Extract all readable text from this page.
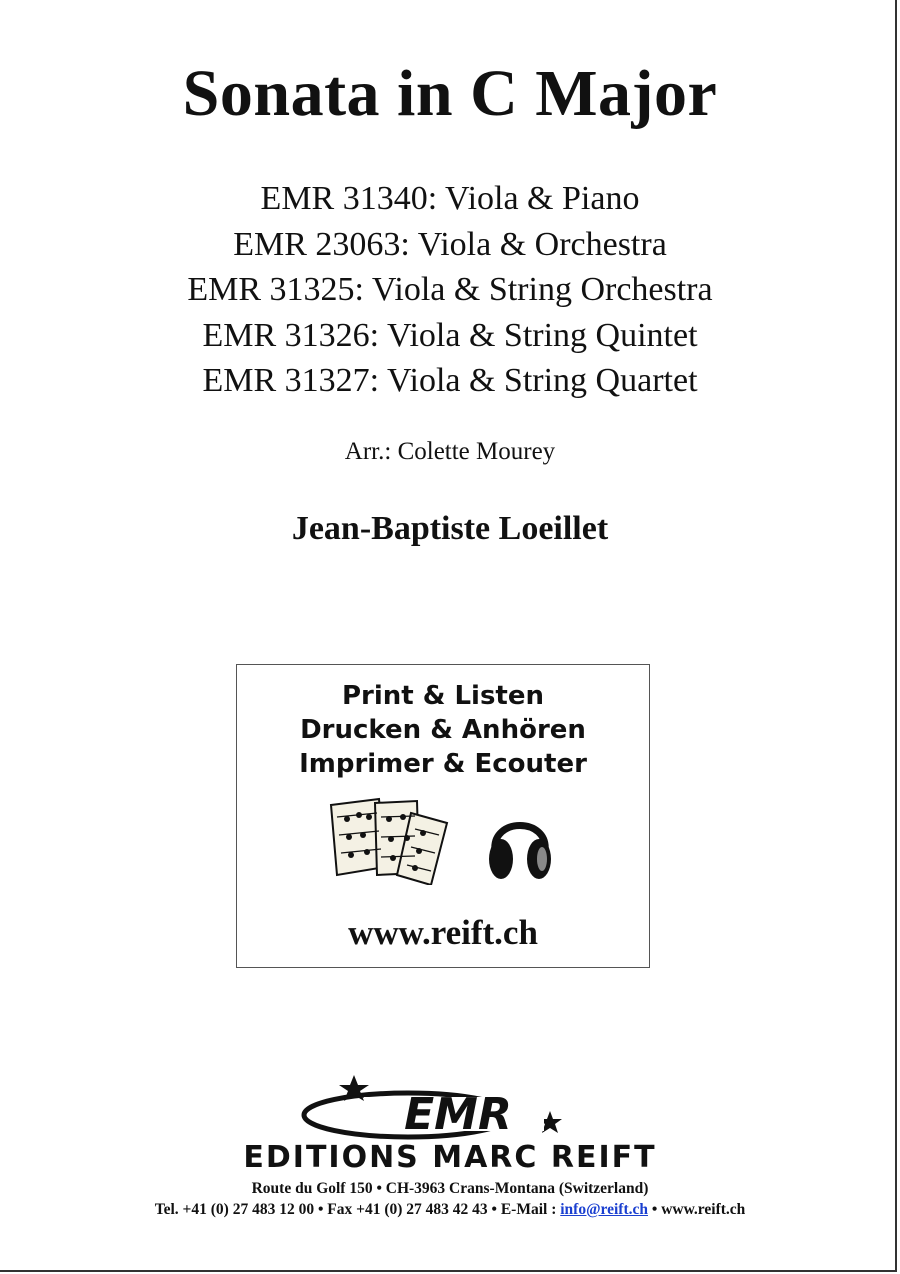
Sonata in C Major
EMR 31340: Viola & Piano
EMR 23063: Viola & Orchestra
EMR 31325: Viola & String Orchestra
EMR 31326: Viola & String Quintet
EMR 31327: Viola & String Quartet
Arr.: Colette Mourey
Jean-Baptiste Loeillet
Print & Listen
Drucken & Anhören
Imprimer & Ecouter
www.reift.ch
EMR
EDITIONS MARC REIFT
Route du Golf 150 • CH-3963 Crans-Montana (Switzerland)
Tel. +41 (0) 27 483 12 00 • Fax +41 (0) 27 483 42 43 • E-Mail : info@reift.ch • www.reift.ch
